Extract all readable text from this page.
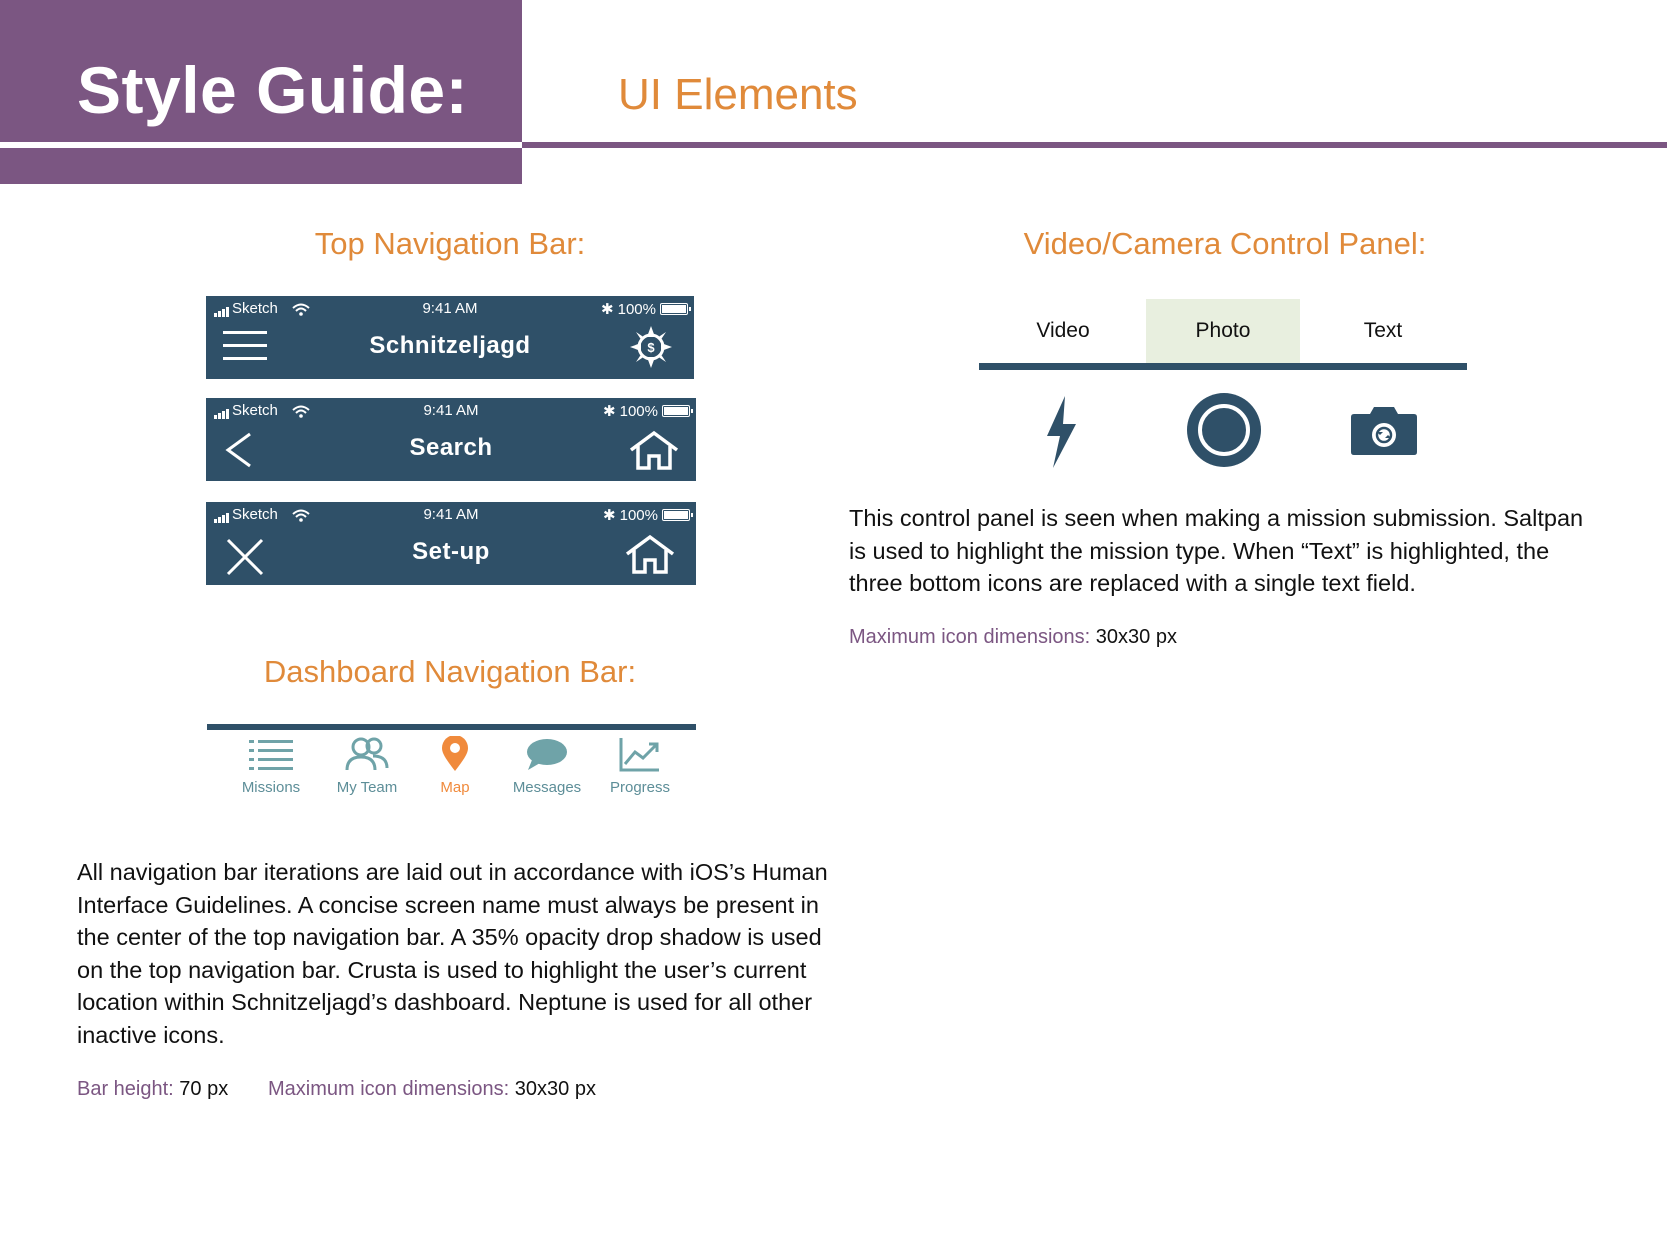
Style Guide:	UI Elements
Top Navigation Bar:
Sketch	9:41 AM	✱ 100%
Schnitzeljagd	$
Sketch	9:41 AM	✱ 100%
Search
Sketch	9:41 AM	✱ 100%
Set-up
Dashboard Navigation Bar:
Missions	My Team	Map	Messages	Progress
All navigation bar iterations are laid out in accordance with iOS’s Human Interface Guidelines. A concise screen name must always be present in the center of the top navigation bar. A 35% opacity drop shadow is used on the top navigation bar. Crusta is used to highlight the user’s current location within Schnitzeljagd’s dashboard. Neptune is used for all other inactive icons.
Bar height: 70 px Maximum icon dimensions: 30x30 px
Video/Camera Control Panel:
Video	Photo	Text
This control panel is seen when making a mission submission. Saltpan is used to highlight the mission type. When “Text” is highlighted, the three bottom icons are replaced with a single text field.
Maximum icon dimensions: 30x30 px
